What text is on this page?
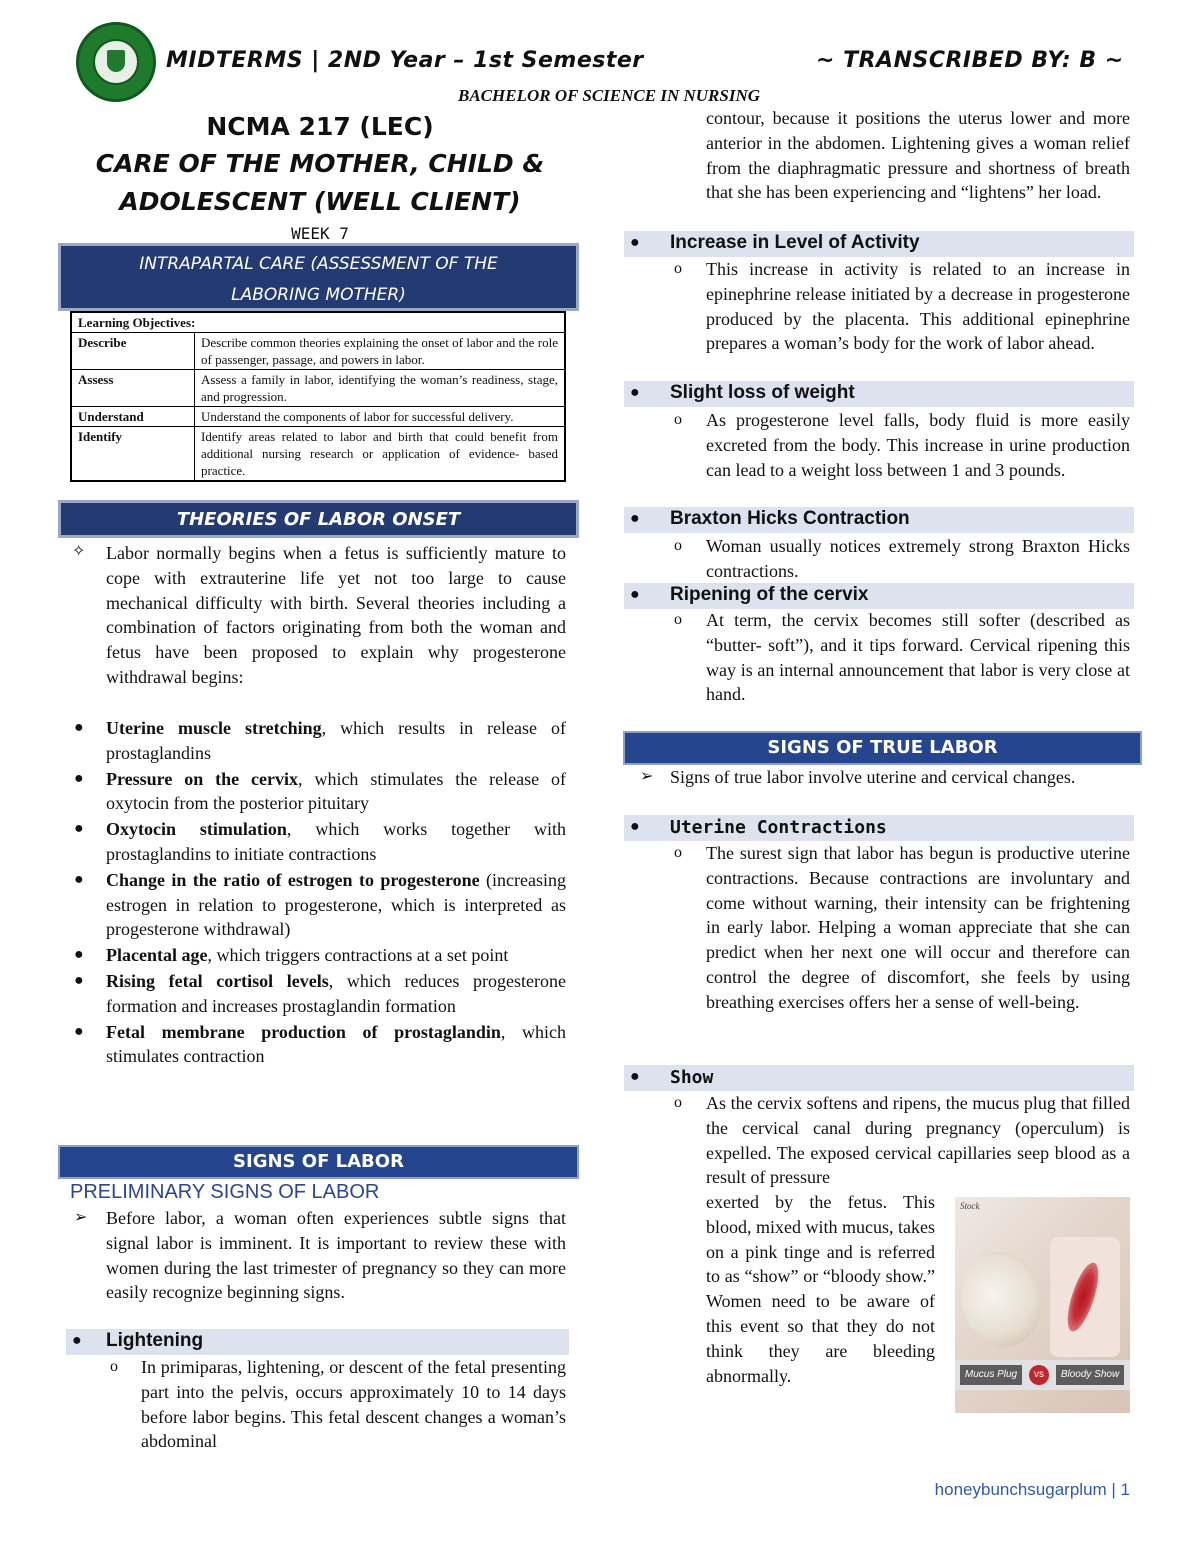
MIDTERMS | 2ND Year – 1st Semester	~ TRANSCRIBED BY: B ~
BACHELOR OF SCIENCE IN NURSING
NCMA 217 (LEC)
CARE OF THE MOTHER, CHILD &
ADOLESCENT (WELL CLIENT)
WEEK 7
INTRAPARTAL CARE (ASSESSMENT OF THE
LABORING MOTHER)
Learning Objectives:	
Describe	Describe common theories explaining the onset of labor and the role of passenger, passage, and powers in labor.
Assess	Assess a family in labor, identifying the woman’s readiness, stage, and progression.
Understand	Understand the components of labor for successful delivery.
Identify	Identify areas related to labor and birth that could benefit from additional nursing research or application of evidence- based practice.
THEORIES OF LABOR ONSET
✧ Labor normally begins when a fetus is sufficiently mature to cope with extrauterine life yet not too large to cause mechanical difficulty with birth. Several theories including a combination of factors originating from both the woman and fetus have been proposed to explain why progesterone withdrawal begins:
● Uterine muscle stretching, which results in release of prostaglandins
● Pressure on the cervix, which stimulates the release of oxytocin from the posterior pituitary
● Oxytocin stimulation, which works together with prostaglandins to initiate contractions
● Change in the ratio of estrogen to progesterone (increasing estrogen in relation to progesterone, which is interpreted as progesterone withdrawal)
● Placental age, which triggers contractions at a set point
● Rising fetal cortisol levels, which reduces progesterone formation and increases prostaglandin formation
● Fetal membrane production of prostaglandin, which stimulates contraction
SIGNS OF LABOR
PRELIMINARY SIGNS OF LABOR
➢ Before labor, a woman often experiences subtle signs that signal labor is imminent. It is important to review these with women during the last trimester of pregnancy so they can more easily recognize beginning signs.
● Lightening
o In primiparas, lightening, or descent of the fetal presenting part into the pelvis, occurs approximately 10 to 14 days before labor begins. This fetal descent changes a woman’s abdominal
contour, because it positions the uterus lower and more anterior in the abdomen. Lightening gives a woman relief from the diaphragmatic pressure and shortness of breath that she has been experiencing and “lightens” her load.
● Increase in Level of Activity
o This increase in activity is related to an increase in epinephrine release initiated by a decrease in progesterone produced by the placenta. This additional epinephrine prepares a woman’s body for the work of labor ahead.
● Slight loss of weight
o As progesterone level falls, body fluid is more easily excreted from the body. This increase in urine production can lead to a weight loss between 1 and 3 pounds.
● Braxton Hicks Contraction
o Woman usually notices extremely strong Braxton Hicks contractions.
● Ripening of the cervix
o At term, the cervix becomes still softer (described as “butter- soft”), and it tips forward. Cervical ripening this way is an internal announcement that labor is very close at hand.
SIGNS OF TRUE LABOR
➢ Signs of true labor involve uterine and cervical changes.
● Uterine Contractions
o The surest sign that labor has begun is productive uterine contractions. Because contractions are involuntary and come without warning, their intensity can be frightening in early labor. Helping a woman appreciate that she can predict when her next one will occur and therefore can control the degree of discomfort, she feels by using breathing exercises offers her a sense of well-being.
● Show
o As the cervix softens and ripens, the mucus plug that filled the cervical canal during pregnancy (operculum) is expelled. The exposed cervical capillaries seep blood as a result of pressure
exerted by the fetus. This blood, mixed with mucus, takes on a pink tinge and is referred to as “show” or “bloody show.” Women need to be aware of this event so that they do not think they are bleeding abnormally.
Stock
Mucus Plug	vs	Bloody Show
honeybunchsugarplum | 1
